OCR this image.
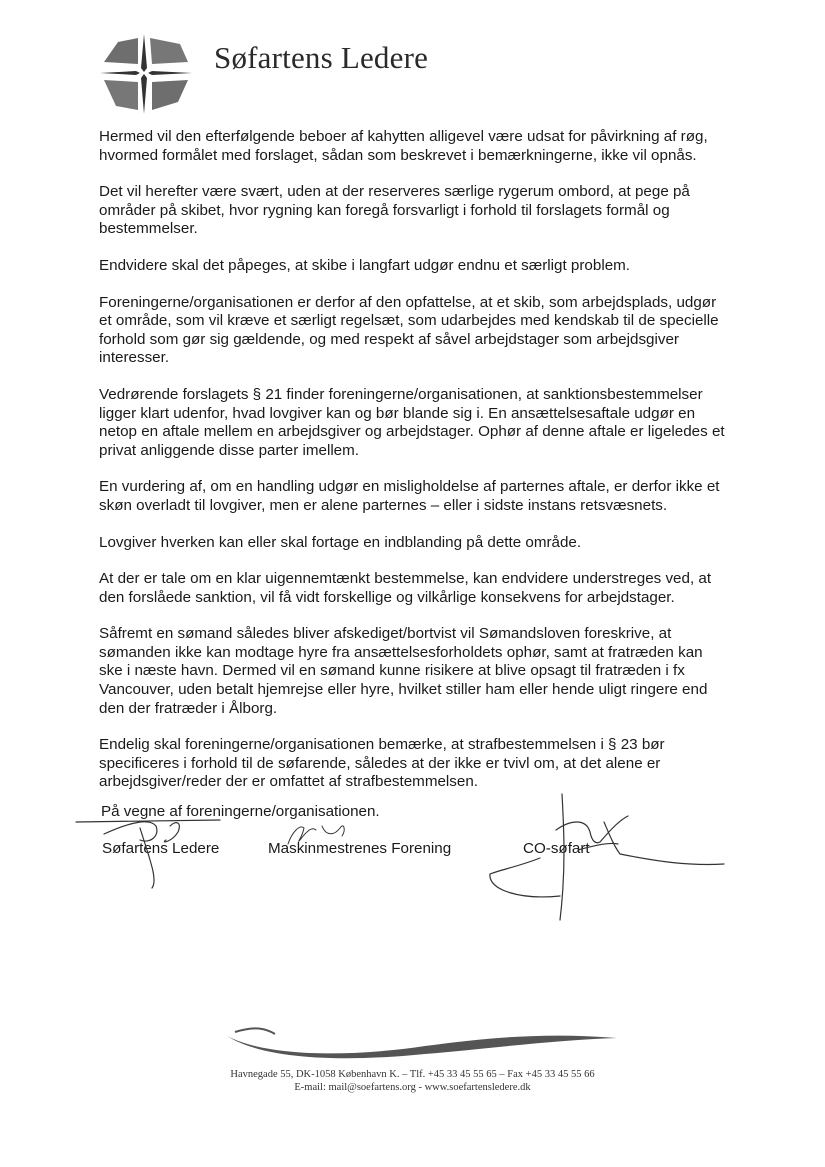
Søfartens Ledere

Hermed vil den efterfølgende beboer af kahytten alligevel være udsat for påvirkning af røg, hvormed formålet med forslaget, sådan som beskrevet i bemærkningerne, ikke vil opnås.

Det vil herefter være svært, uden at der reserveres særlige rygerum ombord, at pege på områder på skibet, hvor rygning kan foregå forsvarligt i forhold til forslagets formål og bestemmelser.

Endvidere skal det påpeges, at skibe i langfart udgør endnu et særligt problem.

Foreningerne/organisationen er derfor af den opfattelse, at et skib, som arbejdsplads, udgør et område, som vil kræve et særligt regelsæt, som udarbejdes med kendskab til de specielle forhold som gør sig gældende, og med respekt af såvel arbejdstager som arbejdsgiver interesser.

Vedrørende forslagets § 21 finder foreningerne/organisationen, at sanktionsbestemmelser ligger klart udenfor, hvad lovgiver kan og bør blande sig i. En ansættelsesaftale udgør en netop en aftale mellem en arbejdsgiver og arbejdstager. Ophør af denne aftale er ligeledes et privat anliggende disse parter imellem.

En vurdering af, om en handling udgør en misligholdelse af parternes aftale, er derfor ikke et skøn overladt til lovgiver, men er alene parternes – eller i sidste instans retsvæsnets.

Lovgiver hverken kan eller skal fortage en indblanding på dette område.

At der er tale om en klar uigennemtænkt bestemmelse, kan endvidere understreges ved, at den forslåede sanktion, vil få vidt forskellige og vilkårlige konsekvens for arbejdstager.

Såfremt en sømand således bliver afskediget/bortvist vil Sømandsloven foreskrive, at sømanden ikke kan modtage hyre fra ansættelsesforholdets ophør, samt at fratræden kan ske i næste havn. Dermed vil en sømand kunne risikere at blive opsagt til fratræden i fx Vancouver, uden betalt hjemrejse eller hyre, hvilket stiller ham eller hende uligt ringere end den der fratræder i Ålborg.

Endelig skal foreningerne/organisationen bemærke, at strafbestemmelsen i § 23 bør specificeres i forhold til de søfarende, således at der ikke er tvivl om, at det alene er arbejdsgiver/reder der er omfattet af strafbestemmelsen.

På vegne af foreningerne/organisationen.

Søfartens Ledere	Maskinmestrenes Forening	CO-søfart

Havnegade 55, DK-1058 København K. – Tlf. +45 33 45 55 65 – Fax +45 33 45 55 66

E-mail: mail@soefartens.org - www.soefartensledere.dk
